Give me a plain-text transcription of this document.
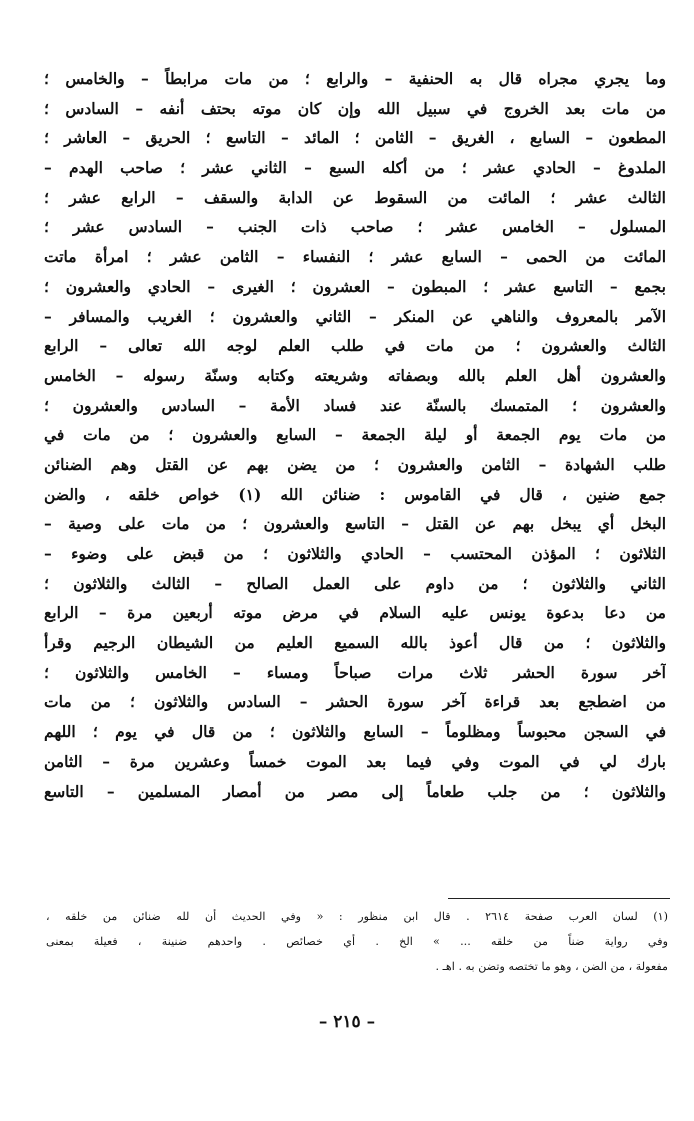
وما يجري مجراه قال به الحنفية – والرابع ؛ من مات مرابطاً – والخامس ؛
من مات بعد الخروج في سبيل الله وإن كان موته بحتف أنفه – السادس ؛
المطعون – السابع ، الغريق – الثامن ؛ المائد – التاسع ؛ الحريق – العاشر ؛
الملدوغ – الحادي عشر ؛ من أكله السبع – الثاني عشر ؛ صاحب الهدم –
الثالث عشر ؛ المائت من السقوط عن الدابة والسقف – الرابع عشر ؛
المسلول – الخامس عشر ؛ صاحب ذات الجنب – السادس عشر ؛
المائت من الحمى – السابع عشر ؛ النفساء – الثامن عشر ؛ امرأة ماتت
بجمع – التاسع عشر ؛ المبطون – العشرون ؛ الغيرى – الحادي والعشرون ؛
الآمر بالمعروف والناهي عن المنكر – الثاني والعشرون ؛ الغريب والمسافر –
الثالث والعشرون ؛ من مات في طلب العلم لوجه الله تعالى – الرابع
والعشرون أهل العلم بالله وبصفاته وشريعته وكتابه وسنّة رسوله – الخامس
والعشرون ؛ المتمسك بالسنّة عند فساد الأمة – السادس والعشرون ؛
من مات يوم الجمعة أو ليلة الجمعة – السابع والعشرون ؛ من مات في
طلب الشهادة – الثامن والعشرون ؛ من يضن بهم عن القتل وهم الضنائن
جمع ضنين ، قال في القاموس : ضنائن الله (١) خواص خلقه ، والضن
البخل أي يبخل بهم عن القتل – التاسع والعشرون ؛ من مات على وصية –
الثلاثون ؛ المؤذن المحتسب – الحادي والثلاثون ؛ من قبض على وضوء –
الثاني والثلاثون ؛ من داوم على العمل الصالح – الثالث والثلاثون ؛
من دعا بدعوة يونس عليه السلام في مرض موته أربعين مرة – الرابع
والثلاثون ؛ من قال أعوذ بالله السميع العليم من الشيطان الرجيم وقرأ
آخر سورة الحشر ثلاث مرات صباحاً ومساء – الخامس والثلاثون ؛
من اضطجع بعد قراءة آخر سورة الحشر – السادس والثلاثون ؛ من مات
في السجن محبوساً ومظلوماً – السابع والثلاثون ؛ من قال في يوم ؛ اللهم
بارك لي في الموت وفي فيما بعد الموت خمساً وعشرين مرة – الثامن
والثلاثون ؛ من جلب طعاماً إلى مصر من أمصار المسلمين – التاسع
(١) لسان العرب صفحة ٢٦١٤ . قال ابن منظور : « وفي الحديث أن لله ضنائن من خلقه ،
وفي رواية ضناً من خلقه ... » الخ . أي خصائص . واحدهم ضنينة ، فعيلة بمعنى
مفعولة ، من الضن ، وهو ما تختصه وتضن به . اهـ .
– ٢١٥ –
